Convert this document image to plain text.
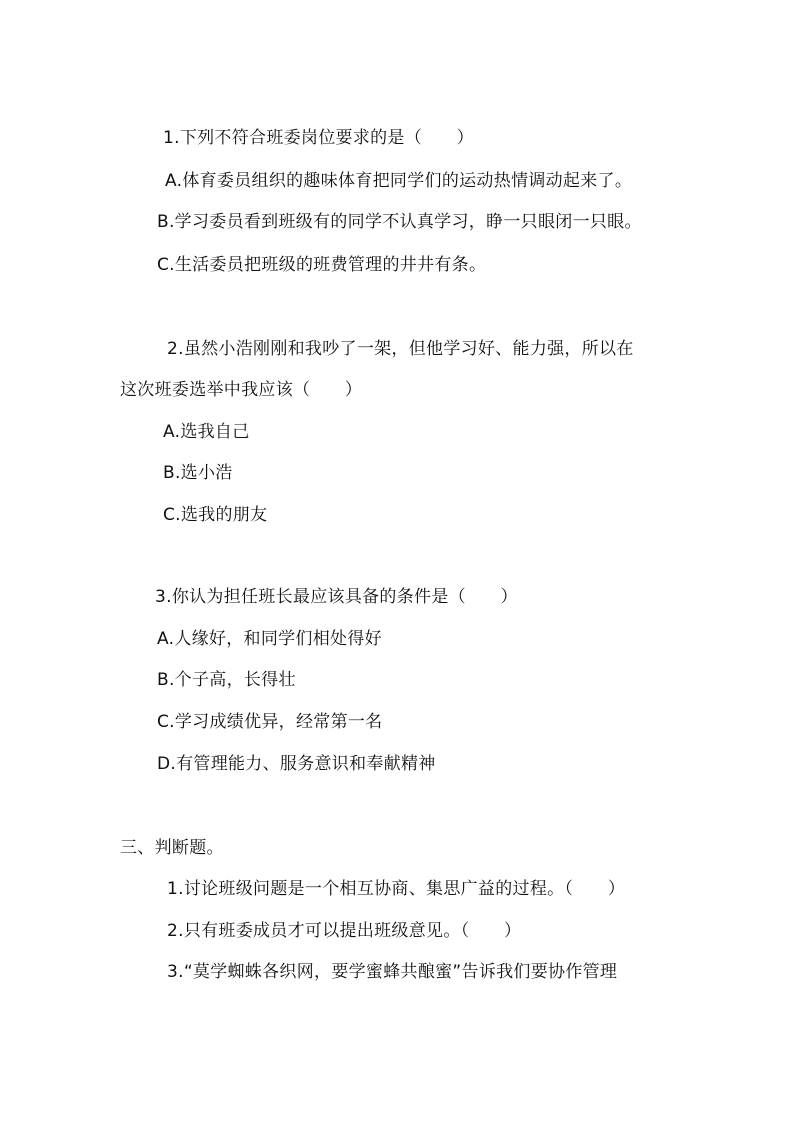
1.下列不符合班委岗位要求的是（　　）
A.体育委员组织的趣味体育把同学们的运动热情调动起来了。
B.学习委员看到班级有的同学不认真学习，睁一只眼闭一只眼。
C.生活委员把班级的班费管理的井井有条。
2.虽然小浩刚刚和我吵了一架，但他学习好、能力强，所以在
这次班委选举中我应该（　　）
A.选我自己
B.选小浩
C.选我的朋友
3.你认为担任班长最应该具备的条件是（　　）
A.人缘好，和同学们相处得好
B.个子高，长得壮
C.学习成绩优异，经常第一名
D.有管理能力、服务意识和奉献精神
三、判断题。
1.讨论班级问题是一个相互协商、集思广益的过程。（　　）
2.只有班委成员才可以提出班级意见。（　　）
3.“莫学蜘蛛各织网，要学蜜蜂共酿蜜”告诉我们要协作管理
